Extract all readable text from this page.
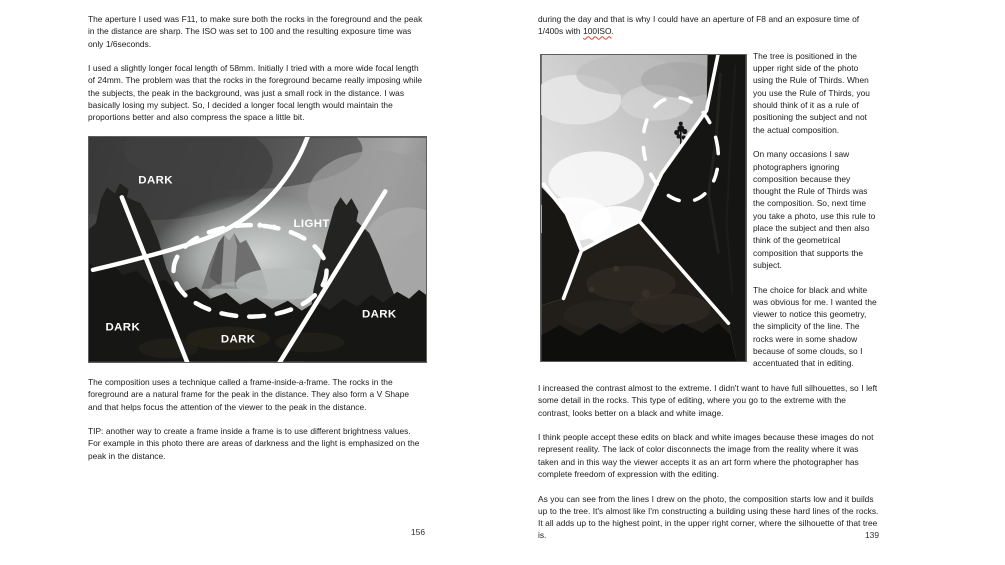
The aperture I used was F11, to make sure both the rocks in the foreground and the peak in the distance are sharp. The ISO was set to 100 and the resulting exposure time was only 1/6seconds.

I used a slightly longer focal length of 58mm. Initially I tried with a more wide focal length of 24mm. The problem was that the rocks in the foreground became really imposing while the subjects, the peak in the background, was just a small rock in the distance. I was basically losing my subject. So, I decided a longer focal length would maintain the proportions better and also compress the space a little bit.

DARK
LIGHT
DARK
DARK
DARK

The composition uses a technique called a frame-inside-a-frame. The rocks in the foreground are a natural frame for the peak in the distance. They also form a V Shape and that helps focus the attention of the viewer to the peak in the distance.

TIP: another way to create a frame inside a frame is to use different brightness values. For example in this photo there are areas of darkness and the light is emphasized on the peak in the distance.

156

during the day and that is why I could have an aperture of F8 and an exposure time of 1/400s with 100ISO.

The tree is positioned in the upper right side of the photo using the Rule of Thirds. When you use the Rule of Thirds, you should think of it as a rule of positioning the subject and not the actual composition.

On many occasions I saw photographers ignoring composition because they thought the Rule of Thirds was the composition. So, next time you take a photo, use this rule to place the subject and then also think of the geometrical composition that supports the subject.

The choice for black and white was obvious for me. I wanted the viewer to notice this geometry, the simplicity of the line. The rocks were in some shadow because of some clouds, so I accentuated that in editing.

I increased the contrast almost to the extreme. I didn't want to have full silhouettes, so I left some detail in the rocks. This type of editing, where you go to the extreme with the contrast, looks better on a black and white image.

I think people accept these edits on black and white images because these images do not represent reality. The lack of color disconnects the image from the reality where it was taken and in this way the viewer accepts it as an art form where the photographer has complete freedom of expression with the editing.

As you can see from the lines I drew on the photo, the composition starts low and it builds up to the tree. It's almost like I'm constructing a building using these hard lines of the rocks. It all adds up to the highest point, in the upper right corner, where the silhouette of that tree is.	139
